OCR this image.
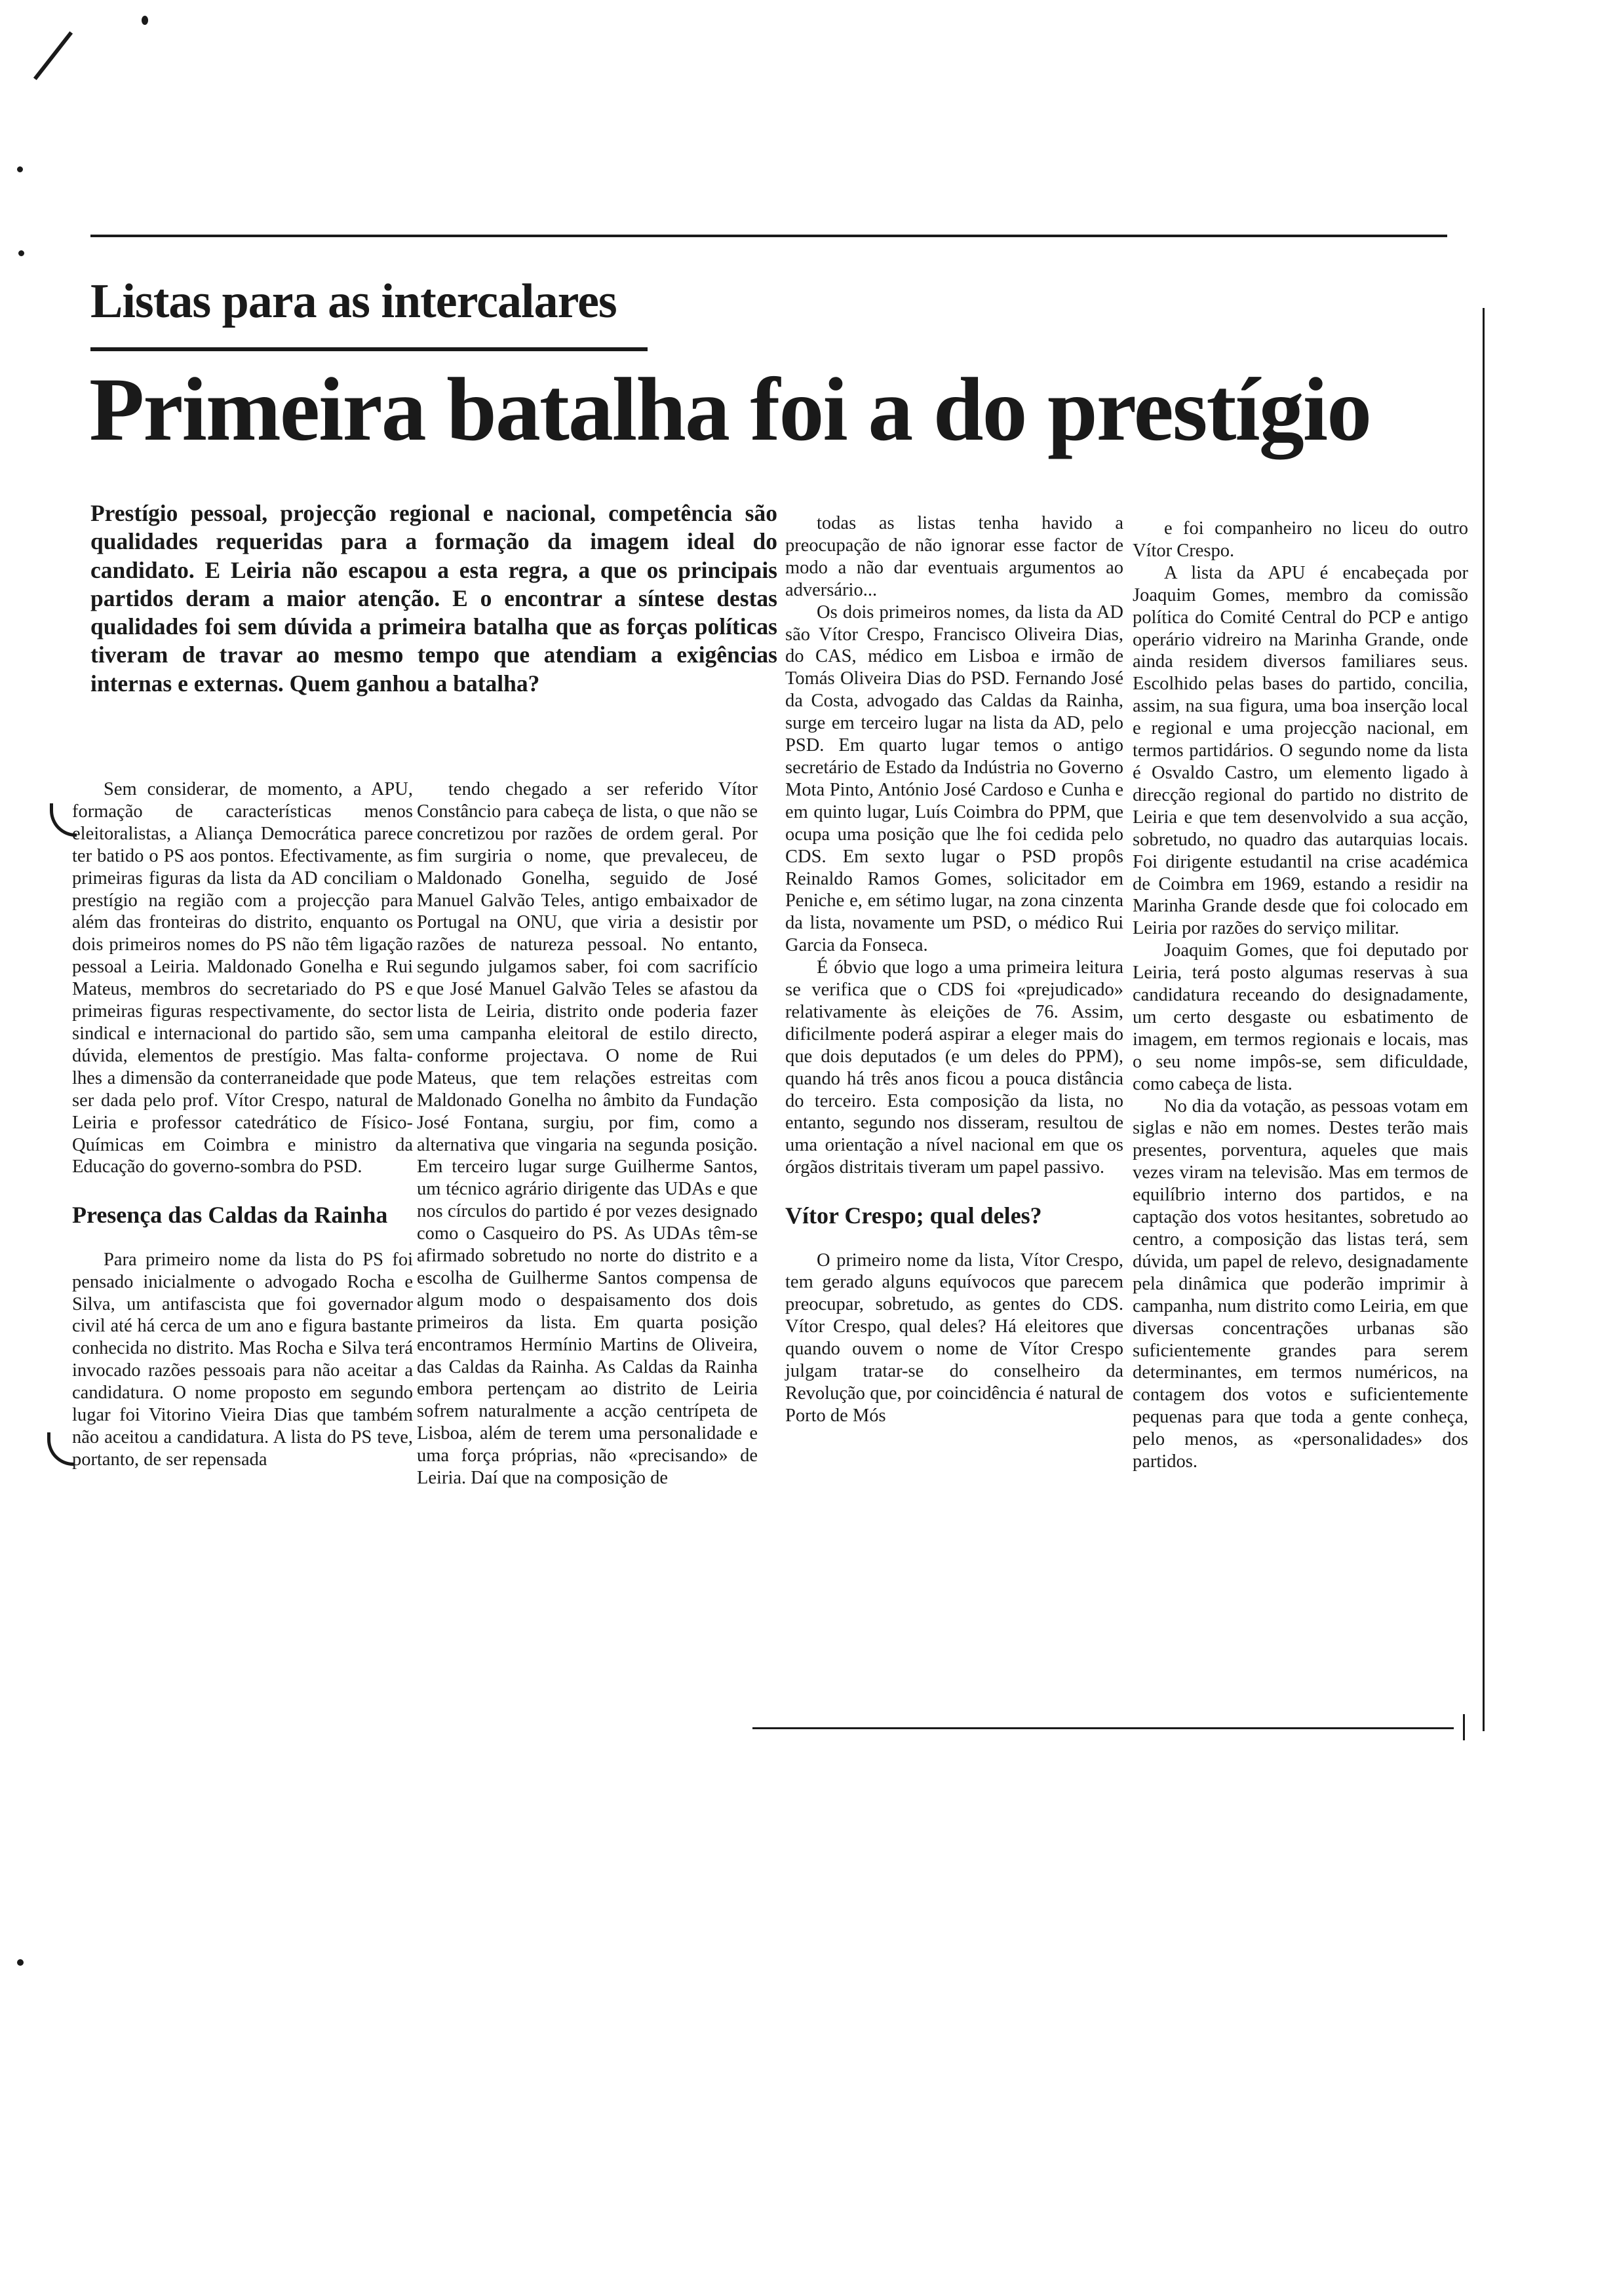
Listas para as intercalares
Primeira batalha foi a do prestígio
Prestígio pessoal, projecção regional e nacional, competência são qualidades requeridas para a formação da imagem ideal do candidato. E Leiria não escapou a esta regra, a que os principais partidos deram a maior atenção. E o encontrar a síntese destas qualidades foi sem dúvida a primeira batalha que as forças políticas tiveram de travar ao mesmo tempo que atendiam a exigências internas e externas. Quem ganhou a batalha?

Sem considerar, de momento, a APU, formação de características menos eleitoralistas, a Aliança Democrática parece ter batido o PS aos pontos. Efectivamente, as primeiras figuras da lista da AD conciliam o prestígio na região com a projecção para além das fronteiras do distrito, enquanto os dois primeiros nomes do PS não têm ligação pessoal a Leiria. Maldonado Gonelha e Rui Mateus, membros do secretariado do PS e primeiras figuras respectivamente, do sector sindical e internacional do partido são, sem dúvida, elementos de prestígio. Mas falta-lhes a dimensão da conterraneidade que pode ser dada pelo prof. Vítor Crespo, natural de Leiria e professor catedrático de Físico-Químicas em Coimbra e ministro da Educação do governo-sombra do PSD.

Presença das Caldas da Rainha

Para primeiro nome da lista do PS foi pensado inicialmente o advogado Rocha e Silva, um antifascista que foi governador civil até há cerca de um ano e figura bastante conhecida no distrito. Mas Rocha e Silva terá invocado razões pessoais para não aceitar a candidatura. O nome proposto em segundo lugar foi Vitorino Vieira Dias que também não aceitou a candidatura. A lista do PS teve, portanto, de ser repensada

tendo chegado a ser referido Vítor Constâncio para cabeça de lista, o que não se concretizou por razões de ordem geral. Por fim surgiria o nome, que prevaleceu, de Maldonado Gonelha, seguido de José Manuel Galvão Teles, antigo embaixador de Portugal na ONU, que viria a desistir por razões de natureza pessoal. No entanto, segundo julgamos saber, foi com sacrifício que José Manuel Galvão Teles se afastou da lista de Leiria, distrito onde poderia fazer uma campanha eleitoral de estilo directo, conforme projectava. O nome de Rui Mateus, que tem relações estreitas com Maldonado Gonelha no âmbito da Fundação José Fontana, surgiu, por fim, como a alternativa que vingaria na segunda posição. Em terceiro lugar surge Guilherme Santos, um técnico agrário dirigente das UDAs e que nos círculos do partido é por vezes designado como o Casqueiro do PS. As UDAs têm-se afirmado sobretudo no norte do distrito e a escolha de Guilherme Santos compensa de algum modo o despaisamento dos dois primeiros da lista. Em quarta posição encontramos Hermínio Martins de Oliveira, das Caldas da Rainha. As Caldas da Rainha embora pertençam ao distrito de Leiria sofrem naturalmente a acção centrípeta de Lisboa, além de terem uma personalidade e uma força próprias, não «precisando» de Leiria. Daí que na composição de

todas as listas tenha havido a preocupação de não ignorar esse factor de modo a não dar eventuais argumentos ao adversário...

Os dois primeiros nomes, da lista da AD são Vítor Crespo, Francisco Oliveira Dias, do CAS, médico em Lisboa e irmão de Tomás Oliveira Dias do PSD. Fernando José da Costa, advogado das Caldas da Rainha, surge em terceiro lugar na lista da AD, pelo PSD. Em quarto lugar temos o antigo secretário de Estado da Indústria no Governo Mota Pinto, António José Cardoso e Cunha e em quinto lugar, Luís Coimbra do PPM, que ocupa uma posição que lhe foi cedida pelo CDS. Em sexto lugar o PSD propôs Reinaldo Ramos Gomes, solicitador em Peniche e, em sétimo lugar, na zona cinzenta da lista, novamente um PSD, o médico Rui Garcia da Fonseca.

É óbvio que logo a uma primeira leitura se verifica que o CDS foi «prejudicado» relativamente às eleições de 76. Assim, dificilmente poderá aspirar a eleger mais do que dois deputados (e um deles do PPM), quando há três anos ficou a pouca distância do terceiro. Esta composição da lista, no entanto, segundo nos disseram, resultou de uma orientação a nível nacional em que os órgãos distritais tiveram um papel passivo.

Vítor Crespo; qual deles?

O primeiro nome da lista, Vítor Crespo, tem gerado alguns equívocos que parecem preocupar, sobretudo, as gentes do CDS. Vítor Crespo, qual deles? Há eleitores que quando ouvem o nome de Vítor Crespo julgam tratar-se do conselheiro da Revolução que, por coincidência é natural de Porto de Mós

e foi companheiro no liceu do outro Vítor Crespo.

A lista da APU é encabeçada por Joaquim Gomes, membro da comissão política do Comité Central do PCP e antigo operário vidreiro na Marinha Grande, onde ainda residem diversos familiares seus. Escolhido pelas bases do partido, concilia, assim, na sua figura, uma boa inserção local e regional e uma projecção nacional, em termos partidários. O segundo nome da lista é Osvaldo Castro, um elemento ligado à direcção regional do partido no distrito de Leiria e que tem desenvolvido a sua acção, sobretudo, no quadro das autarquias locais. Foi dirigente estudantil na crise académica de Coimbra em 1969, estando a residir na Marinha Grande desde que foi colocado em Leiria por razões do serviço militar.

Joaquim Gomes, que foi deputado por Leiria, terá posto algumas reservas à sua candidatura receando do designadamente, um certo desgaste ou esbatimento de imagem, em termos regionais e locais, mas o seu nome impôs-se, sem dificuldade, como cabeça de lista.

No dia da votação, as pessoas votam em siglas e não em nomes. Destes terão mais presentes, porventura, aqueles que mais vezes viram na televisão. Mas em termos de equilíbrio interno dos partidos, e na captação dos votos hesitantes, sobretudo ao centro, a composição das listas terá, sem dúvida, um papel de relevo, designadamente pela dinâmica que poderão imprimir à campanha, num distrito como Leiria, em que diversas concentrações urbanas são suficientemente grandes para serem determinantes, em termos numéricos, na contagem dos votos e suficientemente pequenas para que toda a gente conheça, pelo menos, as «personalidades» dos partidos.
